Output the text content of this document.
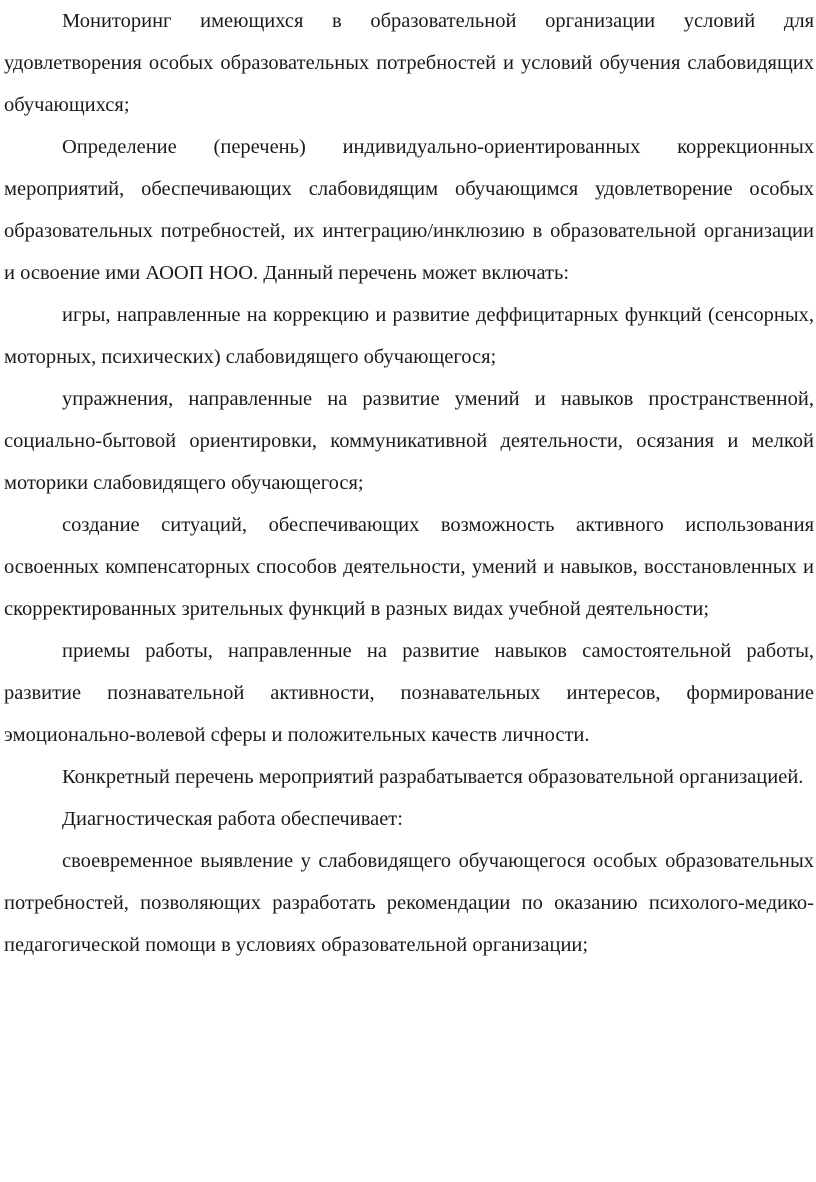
Мониторинг имеющихся в образовательной организации условий для удовлетворения особых образовательных потребностей и условий обучения слабовидящих обучающихся;

Определение (перечень) индивидуально-ориентированных коррекционных мероприятий, обеспечивающих слабовидящим обучающимся удовлетворение особых образовательных потребностей, их интеграцию/инклюзию в образовательной организации и освоение ими АООП НОО. Данный перечень может включать:

игры, направленные на коррекцию и развитие деффицитарных функций (сенсорных, моторных, психических) слабовидящего обучающегося;

упражнения, направленные на развитие умений и навыков пространственной, социально-бытовой ориентировки, коммуникативной деятельности, осязания и мелкой моторики слабовидящего обучающегося;

создание ситуаций, обеспечивающих возможность активного использования освоенных компенсаторных способов деятельности, умений и навыков, восстановленных и скорректированных зрительных функций в разных видах учебной деятельности;

приемы работы, направленные на развитие навыков самостоятельной работы, развитие познавательной активности, познавательных интересов, формирование эмоционально-волевой сферы и положительных качеств личности.

Конкретный перечень мероприятий разрабатывается образовательной организацией.

Диагностическая работа обеспечивает:

своевременное выявление у слабовидящего обучающегося особых образовательных потребностей, позволяющих разработать рекомендации по оказанию психолого-медико-педагогической помощи в условиях образовательной организации;
